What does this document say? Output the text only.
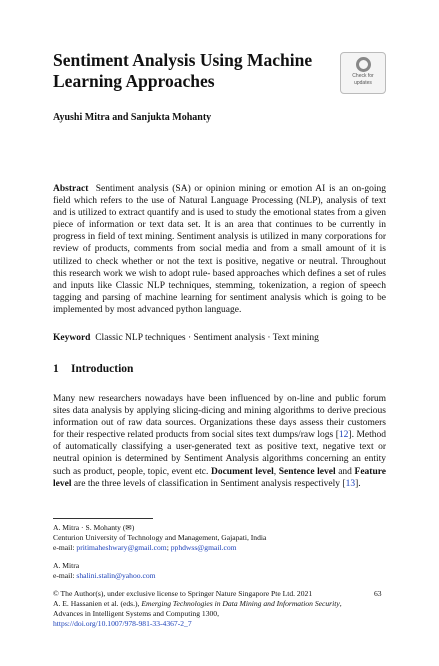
Sentiment Analysis Using Machine Learning Approaches	Check for
updates
Ayushi Mitra and Sanjukta Mohanty
Abstract Sentiment analysis (SA) or opinion mining or emotion AI is an on-going field which refers to the use of Natural Language Processing (NLP), analysis of text and is utilized to extract quantify and is used to study the emotional states from a given piece of information or text data set. It is an area that continues to be currently in progress in field of text mining. Sentiment analysis is utilized in many corporations for review of products, comments from social media and from a small amount of it is utilized to check whether or not the text is positive, negative or neutral. Throughout this research work we wish to adopt rule- based approaches which defines a set of rules and inputs like Classic NLP techniques, stemming, tokenization, a region of speech tagging and parsing of machine learning for sentiment analysis which is going to be implemented by most advanced python language.
Keyword Classic NLP techniques · Sentiment analysis · Text mining
1 Introduction
Many new researchers nowadays have been influenced by on-line and public forum sites data analysis by applying slicing-dicing and mining algorithms to derive precious information out of raw data sources. Organizations these days assess their customers for their respective related products from social sites text dumps/raw logs [12]. Method of automatically classifying a user-generated text as positive text, negative text or neutral opinion is determined by Sentiment Analysis algorithms concerning an entity such as product, people, topic, event etc. Document level, Sentence level and Feature level are the three levels of classification in Sentiment analysis respectively [13].
A. Mitra · S. Mohanty (✉)
Centurion University of Technology and Management, Gajapati, India
e-mail: pritimaheshwary@gmail.com; pphdwss@gmail.com
A. Mitra
e-mail: shalini.stalin@yahoo.com
© The Author(s), under exclusive license to Springer Nature Singapore Pte Ltd. 2021
A. E. Hassanien et al. (eds.), Emerging Technologies in Data Mining and Information Security, Advances in Intelligent Systems and Computing 1300,
https://doi.org/10.1007/978-981-33-4367-2_7
63
